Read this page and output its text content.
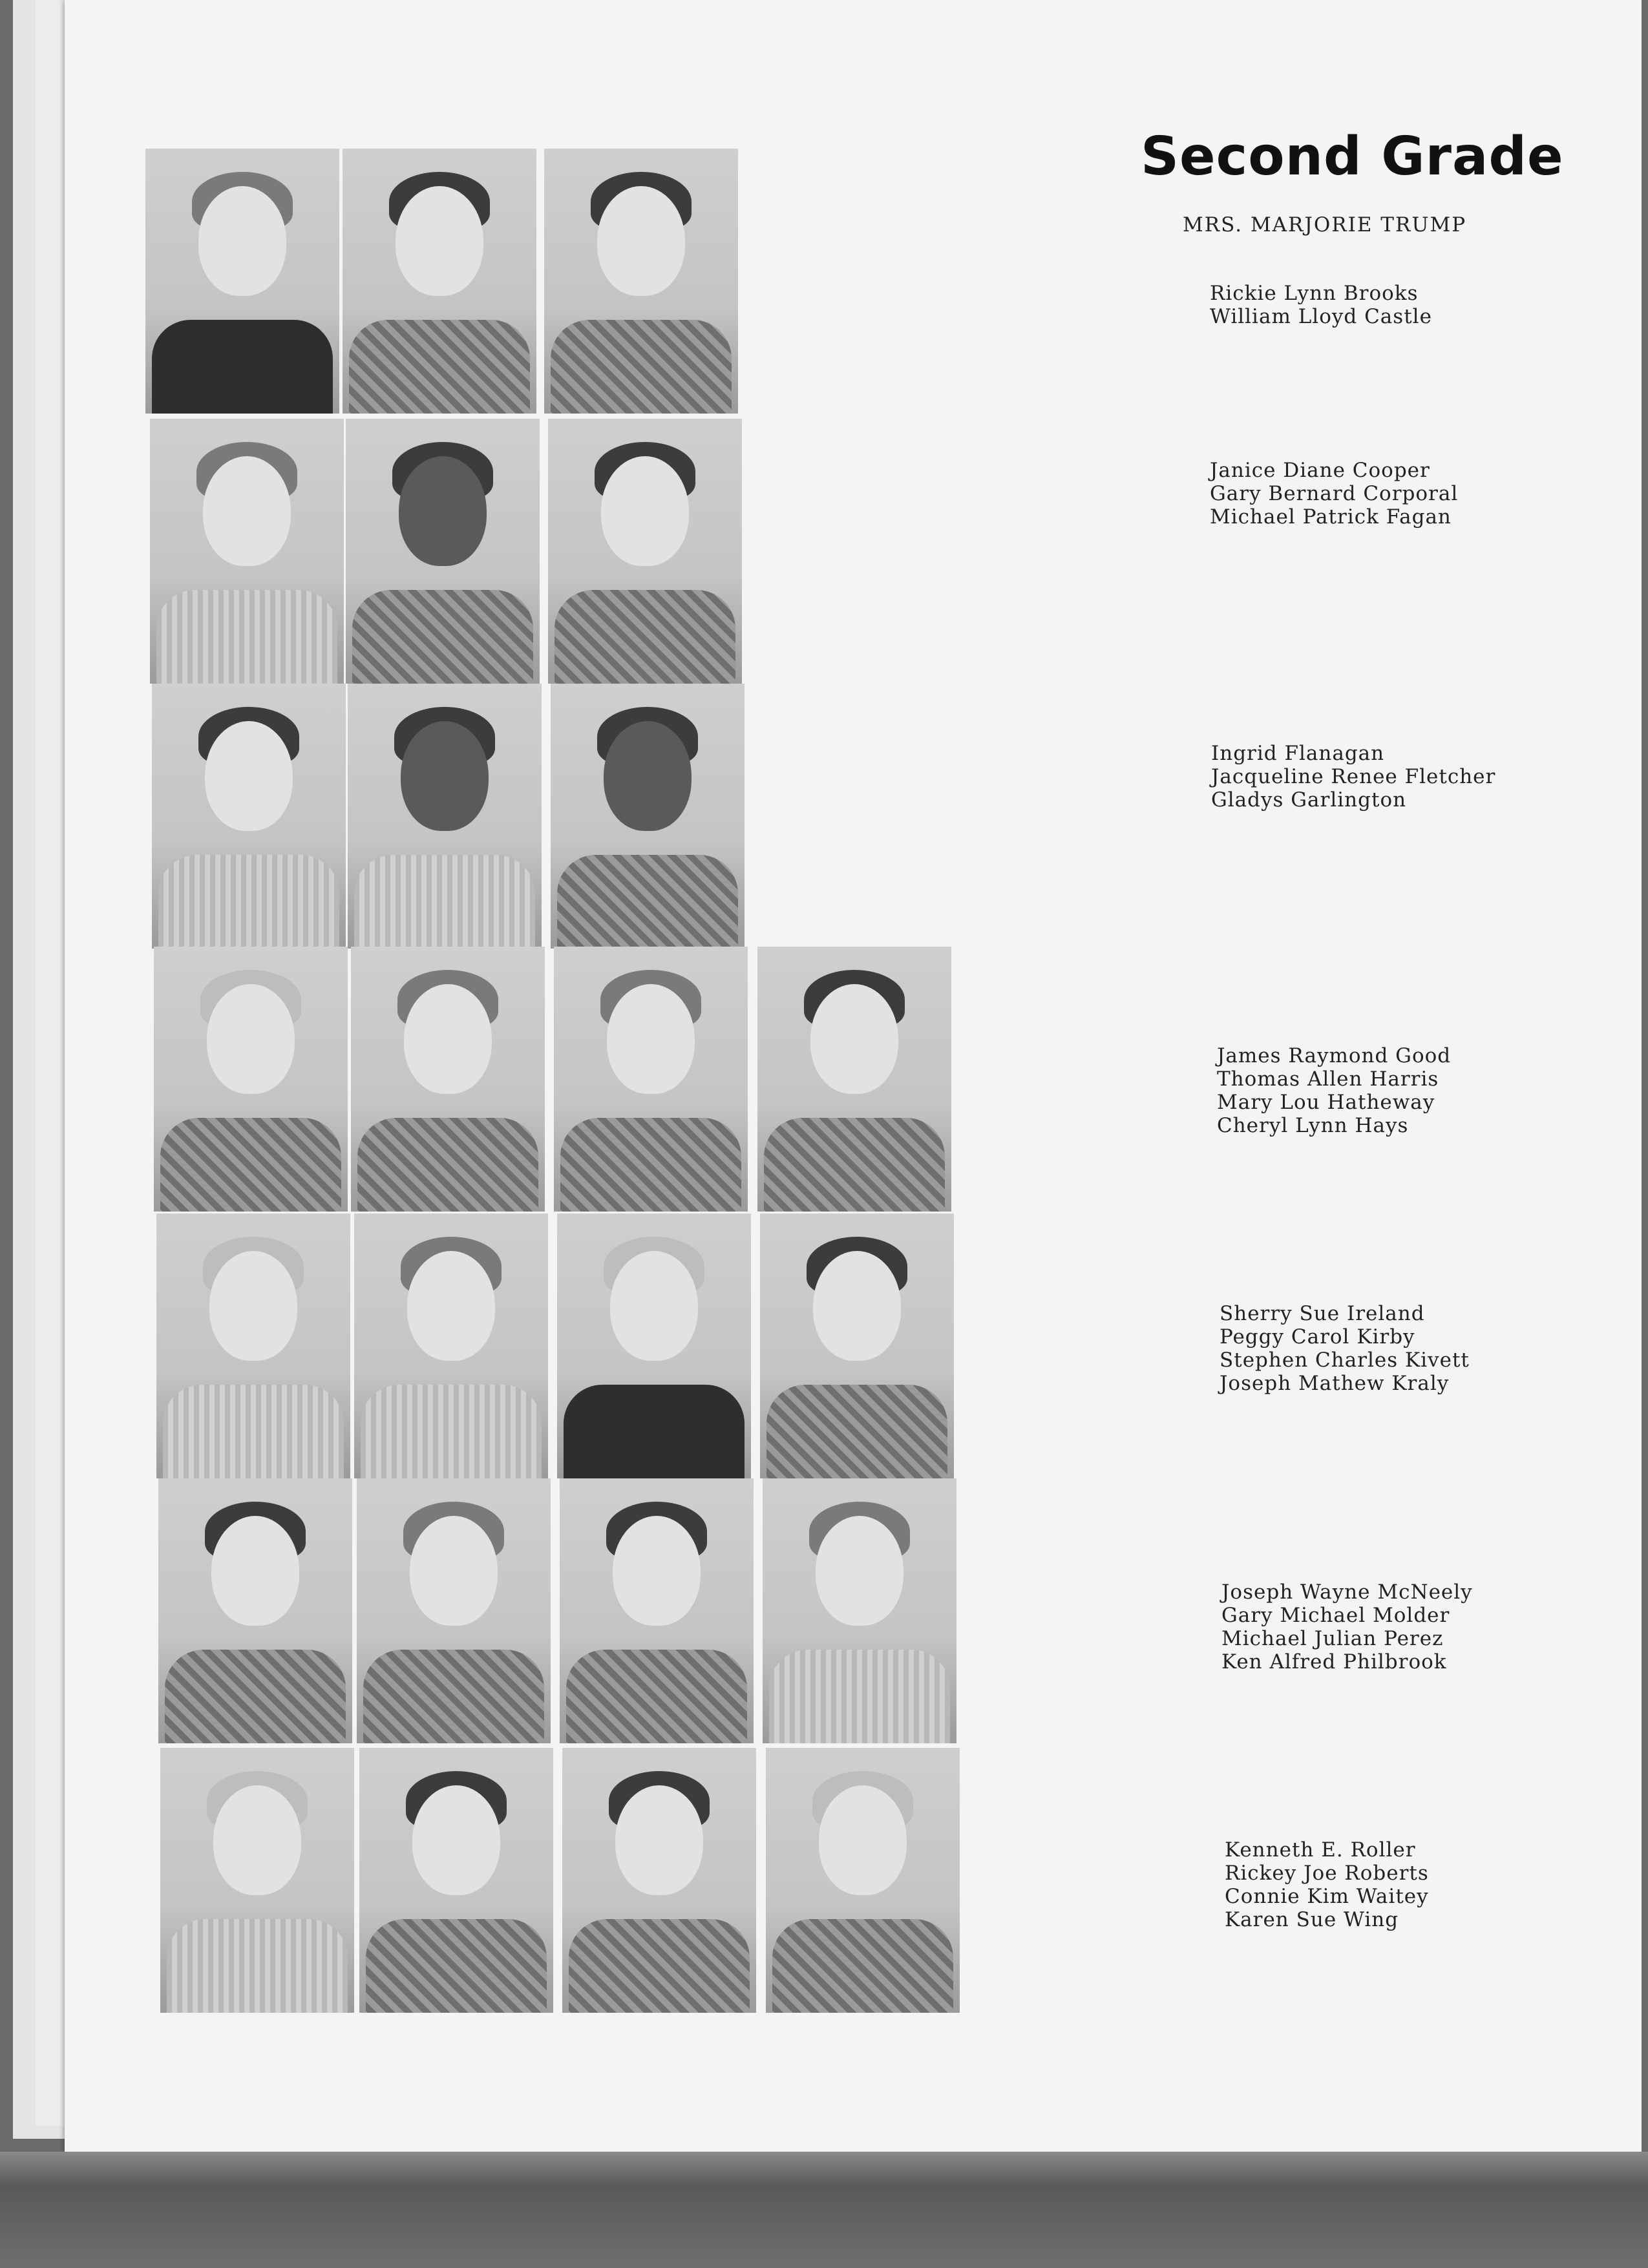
Second Grade
MRS. MARJORIE TRUMP
Rickie Lynn Brooks
William Lloyd Castle
Janice Diane Cooper
Gary Bernard Corporal
Michael Patrick Fagan
Ingrid Flanagan
Jacqueline Renee Fletcher
Gladys Garlington
James Raymond Good
Thomas Allen Harris
Mary Lou Hatheway
Cheryl Lynn Hays
Sherry Sue Ireland
Peggy Carol Kirby
Stephen Charles Kivett
Joseph Mathew Kraly
Joseph Wayne McNeely
Gary Michael Molder
Michael Julian Perez
Ken Alfred Philbrook
Kenneth E. Roller
Rickey Joe Roberts
Connie Kim Waitey
Karen Sue Wing
